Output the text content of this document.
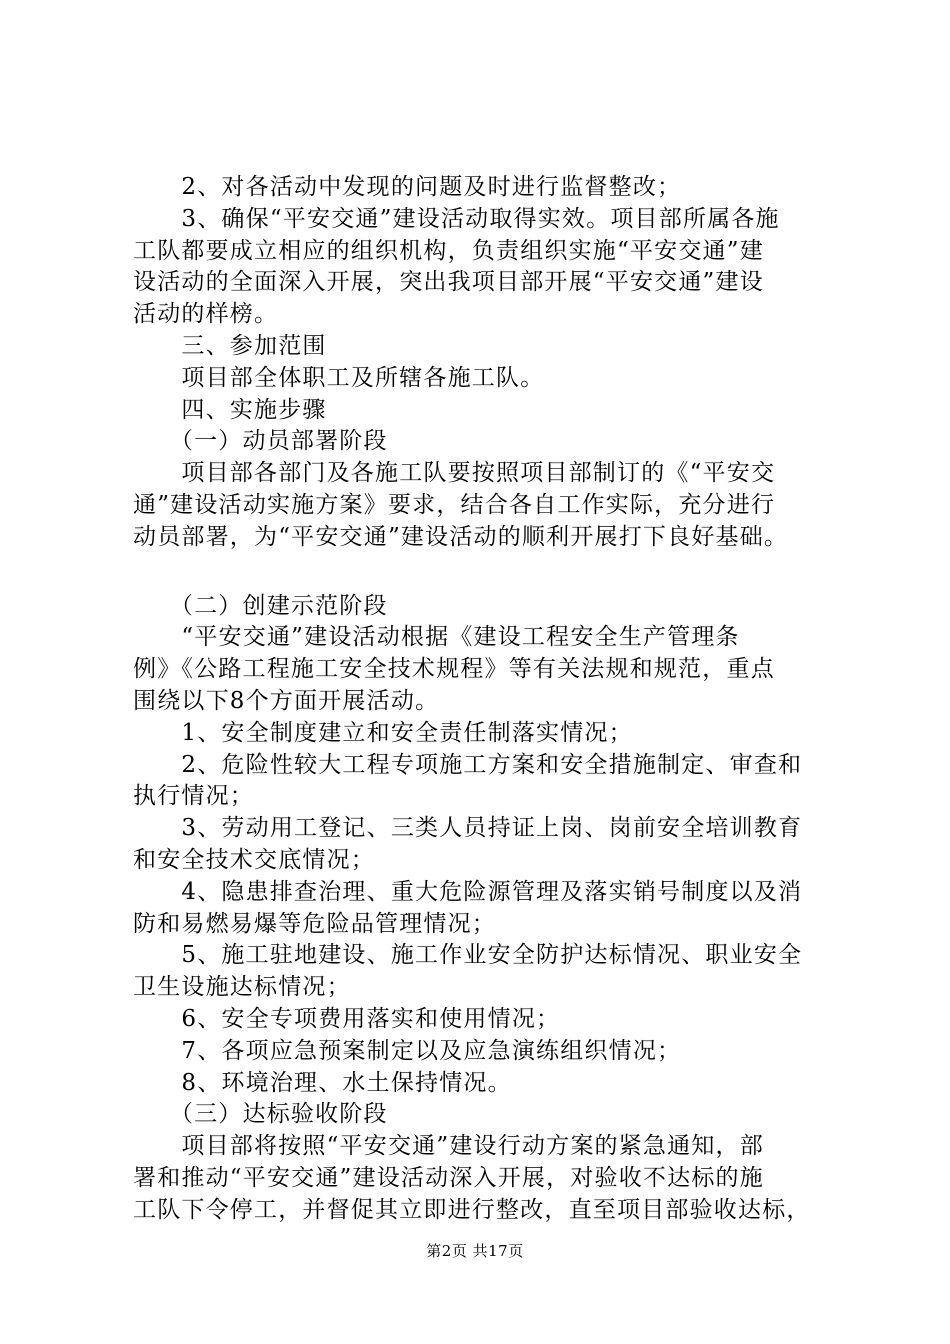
　　2、对各活动中发现的问题及时进行监督整改；

　　3、确保“平安交通”建设活动取得实效。项目部所属各施

工队都要成立相应的组织机构，负责组织实施“平安交通”建

设活动的全面深入开展，突出我项目部开展“平安交通”建设

活动的样榜。

　　三、参加范围

　　项目部全体职工及所辖各施工队。

　　四、实施步骤

　　（一）动员部署阶段

　　项目部各部门及各施工队要按照项目部制订的《“平安交

通”建设活动实施方案》要求，结合各自工作实际，充分进行

动员部署，为“平安交通”建设活动的顺利开展打下良好基础。

　　（二）创建示范阶段

　　“平安交通”建设活动根据《建设工程安全生产管理条

例》《公路工程施工安全技术规程》等有关法规和规范，重点

围绕以下8个方面开展活动。

　　1、安全制度建立和安全责任制落实情况；

　　2、危险性较大工程专项施工方案和安全措施制定、审查和

执行情况；

　　3、劳动用工登记、三类人员持证上岗、岗前安全培训教育

和安全技术交底情况；

　　4、隐患排查治理、重大危险源管理及落实销号制度以及消

防和易燃易爆等危险品管理情况；

　　5、施工驻地建设、施工作业安全防护达标情况、职业安全

卫生设施达标情况；

　　6、安全专项费用落实和使用情况；

　　7、各项应急预案制定以及应急演练组织情况；

　　8、环境治理、水土保持情况。

　　（三）达标验收阶段

　　项目部将按照“平安交通”建设行动方案的紧急通知，部

署和推动“平安交通”建设活动深入开展，对验收不达标的施

工队下令停工，并督促其立即进行整改，直至项目部验收达标，

第2页 共17页
